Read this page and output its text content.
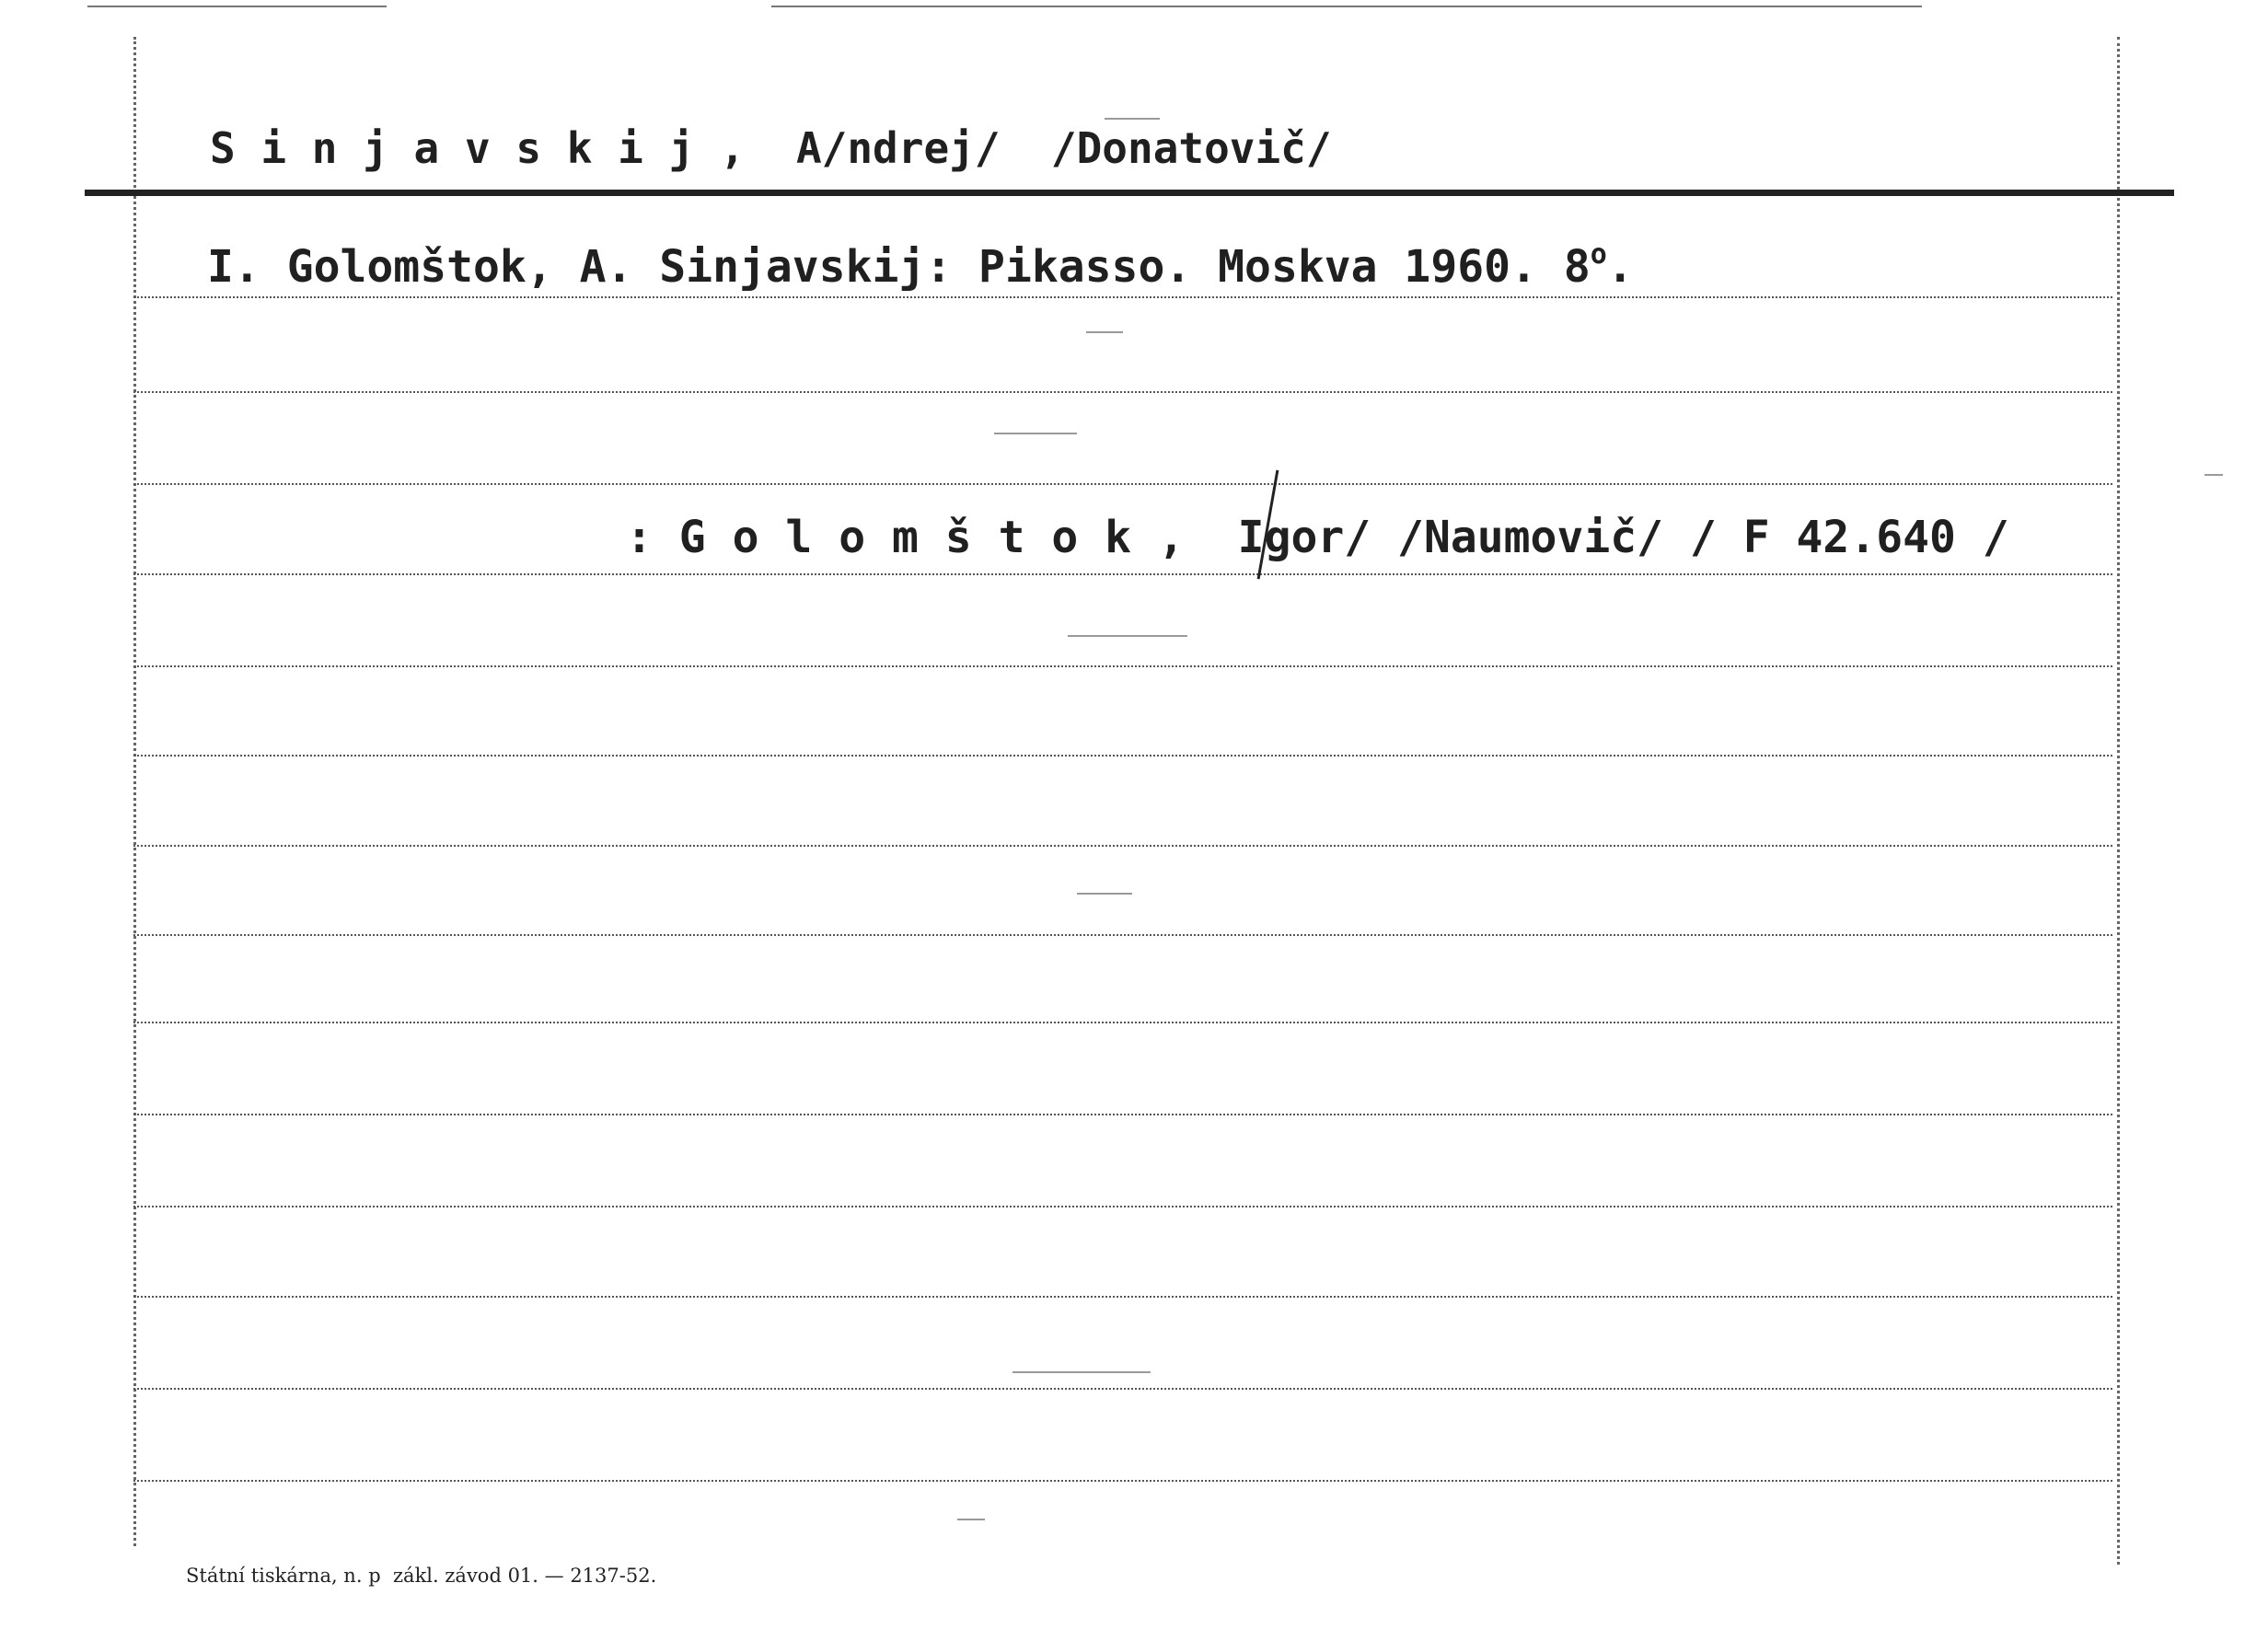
S i n j a v s k i j ,  A/ndrej/  /Donatovič/
I. Golomštok, A. Sinjavskij: Pikasso. Moskva 1960. 8$^o$.
: G o l o m š t o k ,  Igor/ /Naumovič/ / F 42.640 /
Státní tiskárna, n. p  zákl. závod 01. — 2137-52.
